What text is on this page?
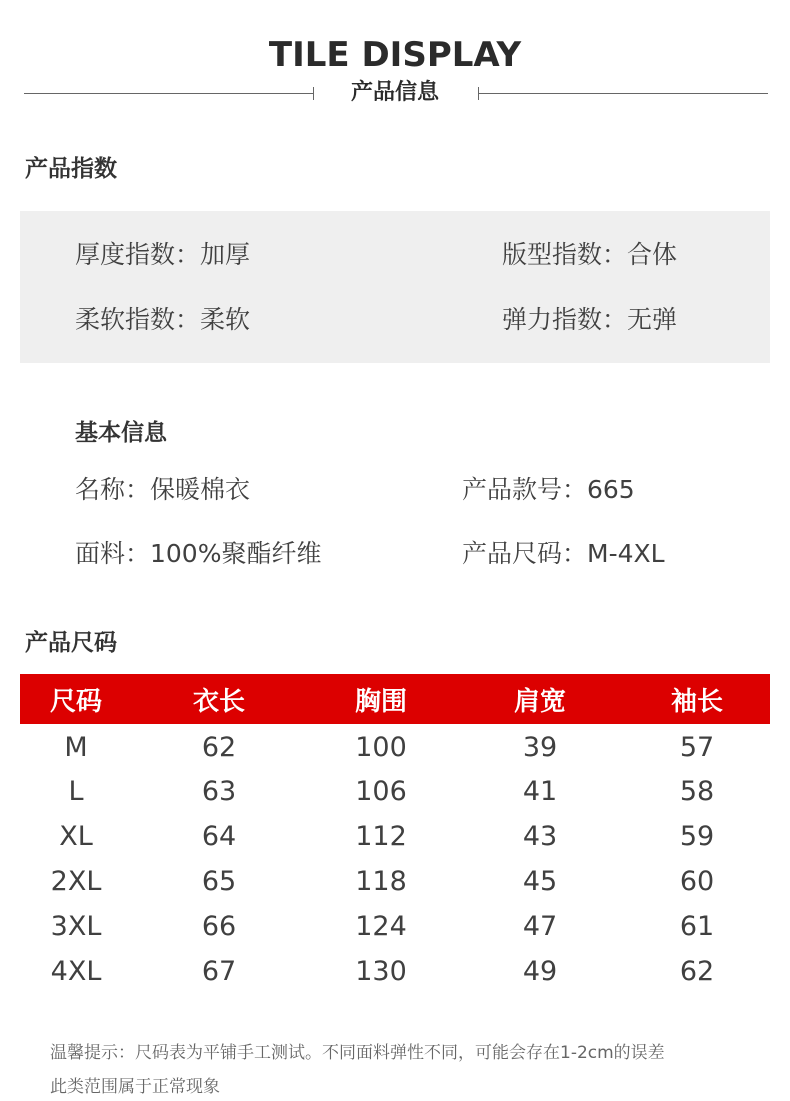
TILE DISPLAY
产品信息
产品指数
厚度指数：加厚	版型指数：合体
柔软指数：柔软	弹力指数：无弹
基本信息
名称：保暖棉衣	产品款号：665
面料：100%聚酯纤维	产品尺码：M-4XL
产品尺码
尺码	衣长	胸围	肩宽	袖长
M	62	100	39	57
L	63	106	41	58
XL	64	112	43	59
2XL	65	118	45	60
3XL	66	124	47	61
4XL	67	130	49	62
温馨提示：尺码表为平铺手工测试。不同面料弹性不同，可能会存在1-2cm的误差
此类范围属于正常现象
